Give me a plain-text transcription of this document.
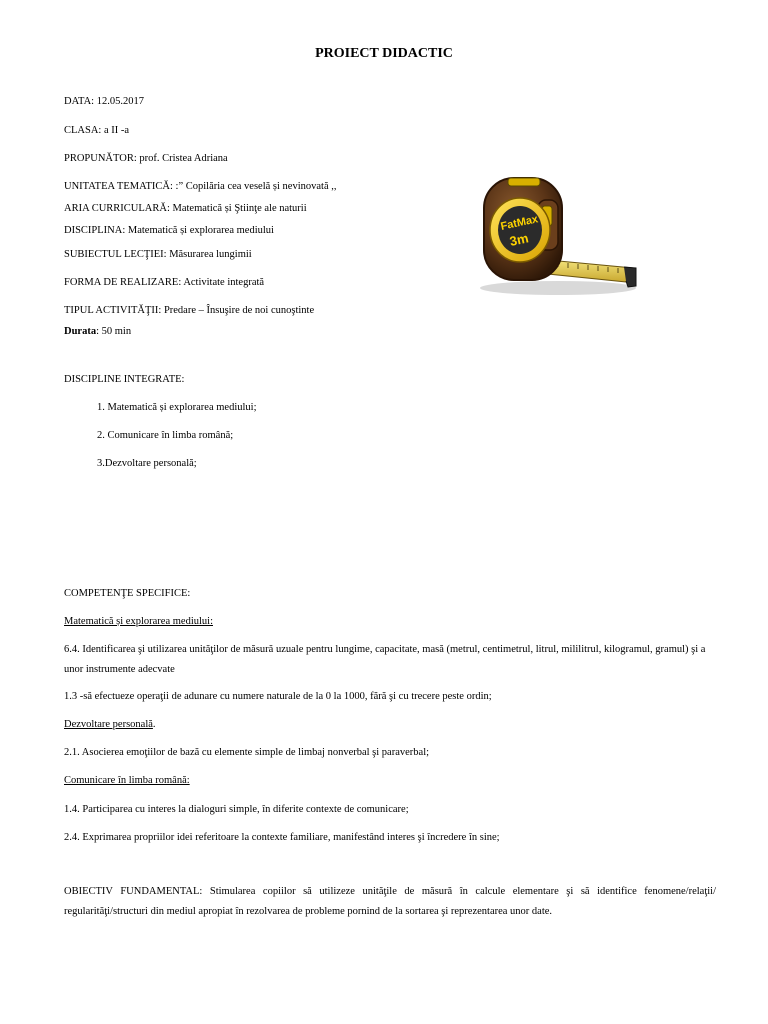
PROIECT DIDACTIC
DATA: 12.05.2017
CLASA: a II -a
PROPUNĂTOR: prof. Cristea Adriana
UNITATEA TEMATICĂ: :” Copilăria cea veselă și nevinovată ,,
ARIA CURRICULARĂ: Matematică și Ştiinţe ale naturii
DISCIPLINA: Matematică și explorarea mediului
SUBIECTUL LECŢIEI: Măsurarea lungimii
FORMA DE REALIZARE: Activitate integrată
TIPUL ACTIVITĂŢII: Predare – Însuşire de noi cunoştinte
Durata: 50 min
FatMax
3m
DISCIPLINE INTEGRATE:
1. Matematică și explorarea mediului;
2. Comunicare în limba română;
3.Dezvoltare personală;
COMPETENŢE SPECIFICE:
Matematică și explorarea mediului:
6.4. Identificarea şi utilizarea unităţilor de măsură uzuale pentru lungime, capacitate, masă (metrul, centimetrul, litrul, mililitrul, kilogramul, gramul) şi a unor instrumente adecvate
1.3 -să efectueze operaţii de adunare cu numere naturale de la 0 la 1000, fără şi cu trecere peste ordin;
Dezvoltare personală.
2.1. Asocierea emoţiilor de bază cu elemente simple de limbaj nonverbal şi paraverbal;
Comunicare în limba română:
1.4. Participarea cu interes la dialoguri simple, în diferite contexte de comunicare;
2.4. Exprimarea propriilor idei referitoare la contexte familiare, manifestând interes şi încredere în sine;
OBIECTIV FUNDAMENTAL: Stimularea copiilor să utilizeze unităţile de măsură în calcule elementare şi să identifice fenomene/relaţii/ regularităţi/structuri din mediul apropiat în rezolvarea de probleme pornind de la sortarea şi reprezentarea unor date.
